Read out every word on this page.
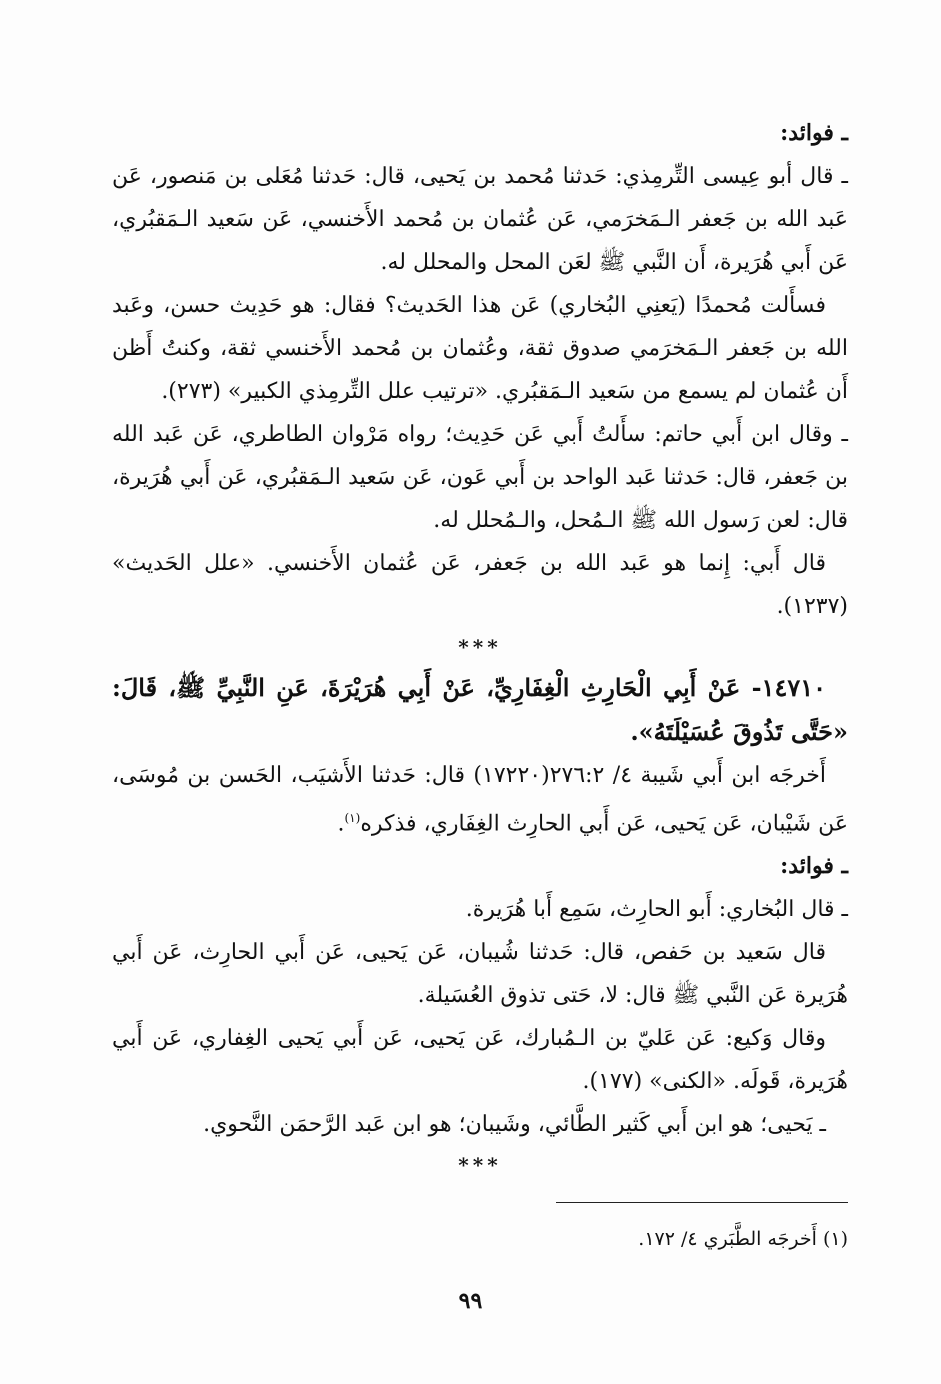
ـ فوائد:

ـ قال أبو عِيسى التِّرمِذي: حَدثنا مُحمد بن يَحيى، قال: حَدثنا مُعَلى بن مَنصور، عَن عَبد الله بن جَعفر الـمَخرَمي، عَن عُثمان بن مُحمد الأَخنسي، عَن سَعيد الـمَقبُري، عَن أَبي هُرَيرة، أَن النَّبي ﷺ لعَن المحل والمحلل له.

فسأَلت مُحمدًا (يَعنِي البُخاري) عَن هذا الحَديث؟ فقال: هو حَدِيث حسن، وعَبد الله بن جَعفر الـمَخرَمي صدوق ثقة، وعُثمان بن مُحمد الأَخنسي ثقة، وكنتُ أَظن أَن عُثمان لم يسمع من سَعيد الـمَقبُري. «ترتيب علل التِّرمِذي الكبير» (٢٧٣).

ـ وقال ابن أَبي حاتم: سأَلتُ أَبي عَن حَدِيث؛ رواه مَرْوان الطاطري، عَن عَبد الله بن جَعفر، قال: حَدثنا عَبد الواحد بن أَبي عَون، عَن سَعيد الـمَقبُري، عَن أَبي هُرَيرة، قال: لعن رَسول الله ﷺ الـمُحل، والـمُحلل له.

قال أَبي: إِنما هو عَبد الله بن جَعفر، عَن عُثمان الأَخنسي. «علل الحَديث» (١٢٣٧).

***

١٤٧١٠- عَنْ أَبِي الْحَارِثِ الْغِفَارِيِّ، عَنْ أَبِي هُرَيْرَةَ، عَنِ النَّبِيِّ ﷺ، قَالَ: «حَتَّى تَذُوقَ عُسَيْلَتَهُ».

أَخرجَه ابن أَبي شَيبة ٤/ ٢٧٦:٢(١٧٢٢٠) قال: حَدثنا الأَشيَب، الحَسن بن مُوسَى، عَن شَيْبان، عَن يَحيى، عَن أَبي الحارِث الغِفَاري، فذكره$^{(١)}$.

ـ فوائد:

ـ قال البُخاري: أَبو الحارِث، سَمِع أَبا هُرَيرة.

قال سَعيد بن حَفص، قال: حَدثنا شُيبان، عَن يَحيى، عَن أَبي الحارِث، عَن أَبي هُرَيرة عَن النَّبي ﷺ قال: لا، حَتى تذوق العُسَيلة.

وقال وَكيع: عَن عَليّ بن الـمُبارك، عَن يَحيى، عَن أَبي يَحيى الغِفاري، عَن أَبي هُرَيرة، قَولَه. «الكنى» (١٧٧).

ـ يَحيى؛ هو ابن أَبي كَثير الطَّائي، وشَيبان؛ هو ابن عَبد الرَّحمَن النَّحوي.

***

(١) أَخرجَه الطَّبَري ٤/ ١٧٢.
٩٩
